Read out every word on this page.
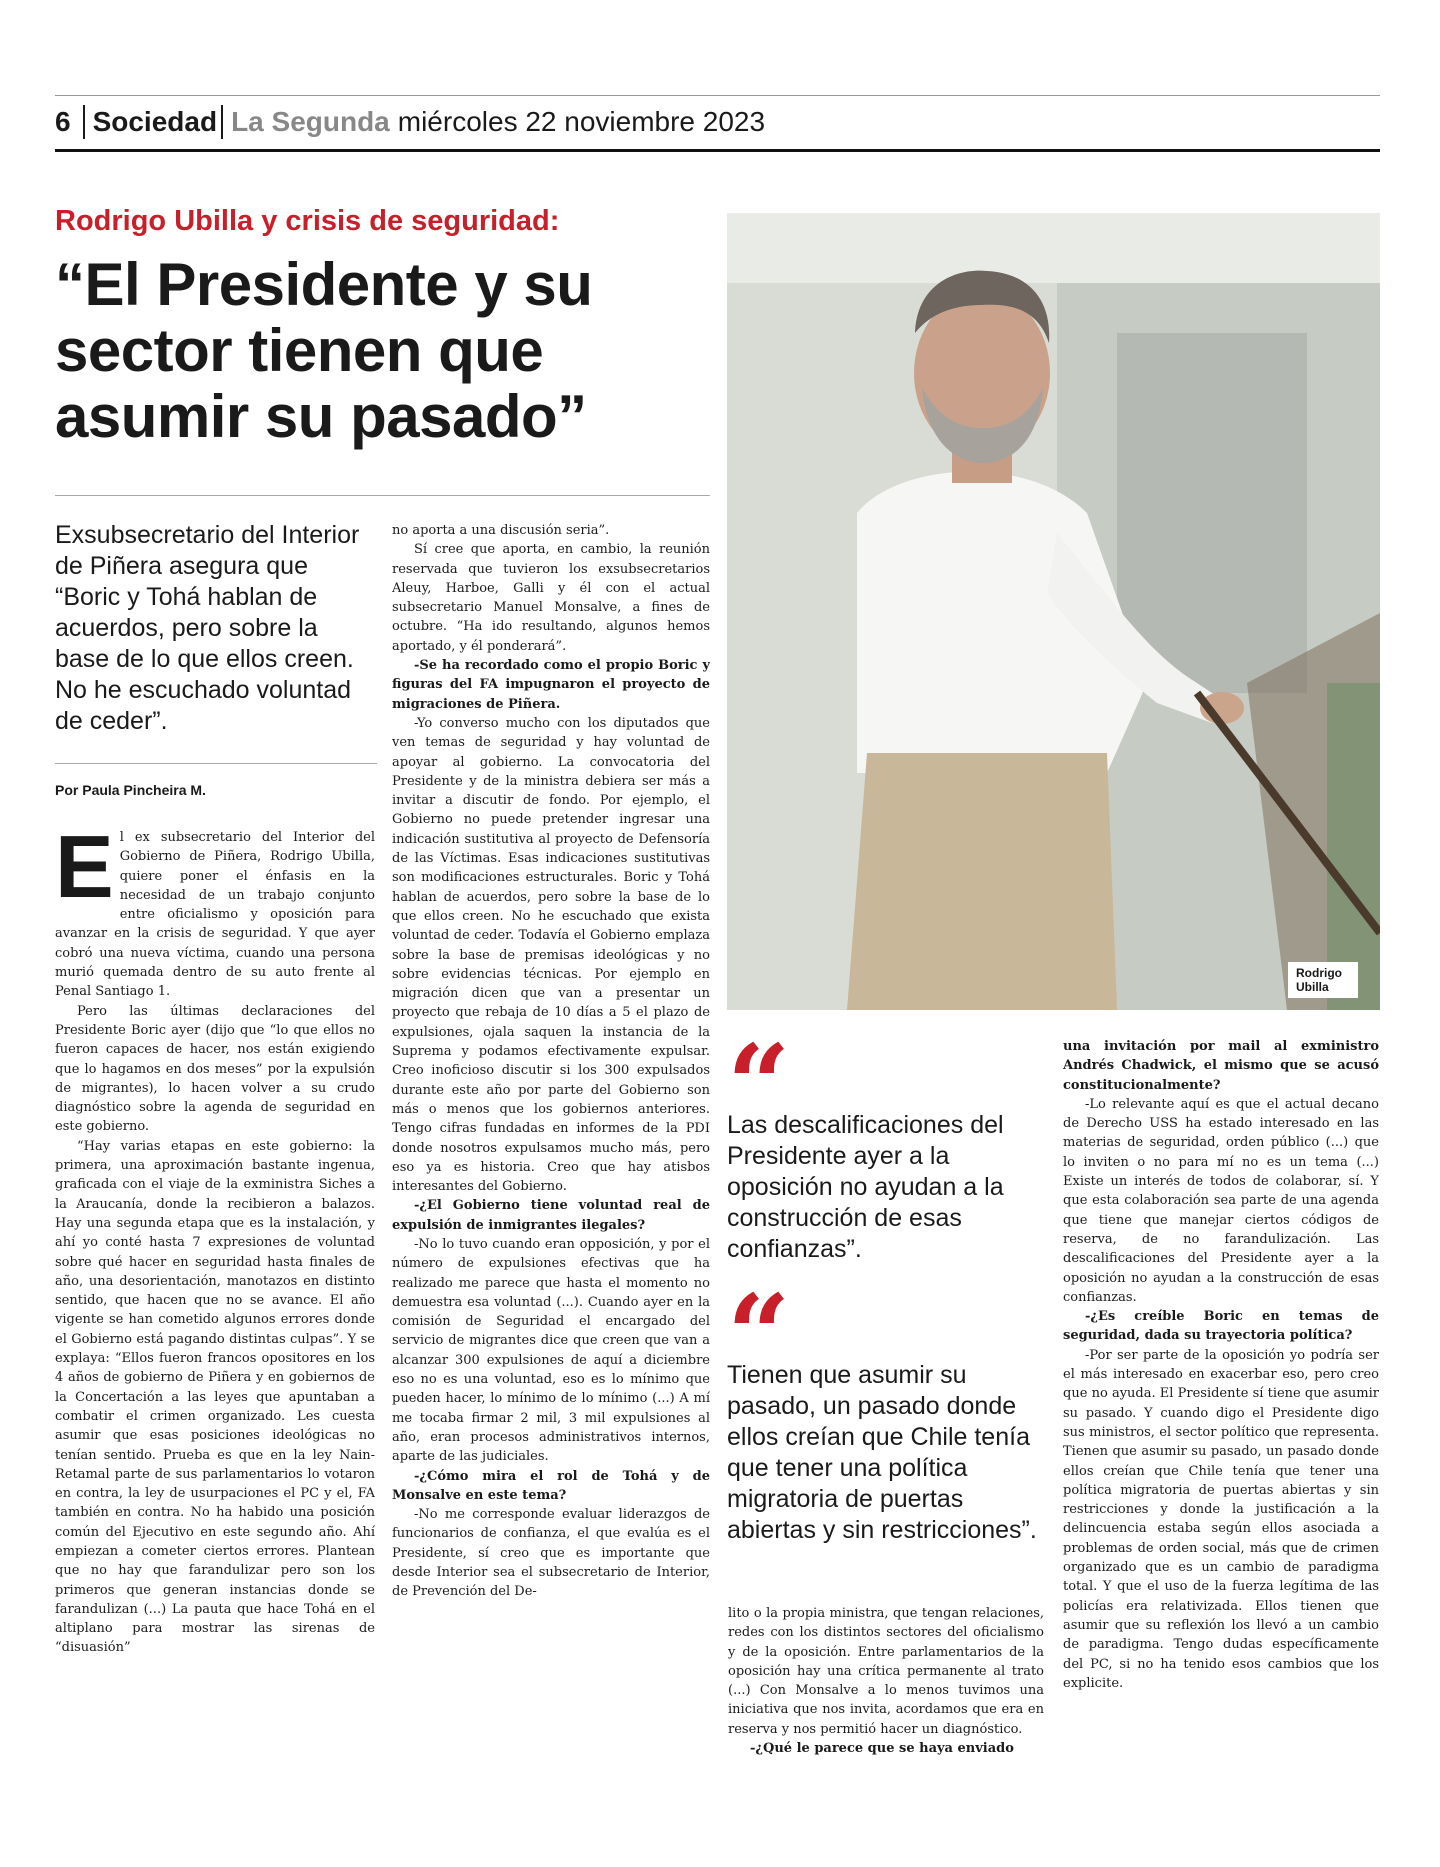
6 Sociedad La Segunda miércoles 22 noviembre 2023
Rodrigo Ubilla y crisis de seguridad:
“El Presidente y su sector tienen que asumir su pasado”
Exsubsecretario del Interior de Piñera asegura que “Boric y Tohá hablan de acuerdos, pero sobre la base de lo que ellos creen. No he escuchado voluntad de ceder”.
Por Paula Pincheira M.
E l ex subsecretario del Interior del Gobierno de Piñera, Rodrigo Ubilla, quiere poner el énfasis en la necesidad de un trabajo conjunto entre oficialismo y oposición para avanzar en la crisis de seguridad. Y que ayer cobró una nueva víctima, cuando una persona murió quemada dentro de su auto frente al Penal Santiago 1.

Pero las últimas declaraciones del Presidente Boric ayer (dijo que “lo que ellos no fueron capaces de hacer, nos están exigiendo que lo hagamos en dos meses” por la expulsión de migrantes), lo hacen volver a su crudo diagnóstico sobre la agenda de seguridad en este gobierno.

“Hay varias etapas en este gobierno: la primera, una aproximación bastante ingenua, graficada con el viaje de la exministra Siches a la Araucanía, donde la recibieron a balazos. Hay una segunda etapa que es la instalación, y ahí yo conté hasta 7 expresiones de voluntad sobre qué hacer en seguridad hasta finales de año, una desorientación, manotazos en distinto sentido, que hacen que no se avance. El año vigente se han cometido algunos errores donde el Gobierno está pagando distintas culpas”. Y se explaya: “Ellos fueron francos opositores en los 4 años de gobierno de Piñera y en gobiernos de la Concertación a las leyes que apuntaban a combatir el crimen organizado. Les cuesta asumir que esas posiciones ideológicas no tenían sentido. Prueba es que en la ley Nain-Retamal parte de sus parlamentarios lo votaron en contra, la ley de usurpaciones el PC y el, FA también en contra. No ha habido una posición común del Ejecutivo en este segundo año. Ahí empiezan a cometer ciertos errores. Plantean que no hay que farandulizar pero son los primeros que generan instancias donde se farandulizan (...) La pauta que hace Tohá en el altiplano para mostrar las sirenas de “disuasión”

no aporta a una discusión seria”.

Sí cree que aporta, en cambio, la reunión reservada que tuvieron los exsubsecretarios Aleuy, Harboe, Galli y él con el actual subsecretario Manuel Monsalve, a fines de octubre. “Ha ido resultando, algunos hemos aportado, y él ponderará”.

-Se ha recordado como el propio Boric y figuras del FA impugnaron el proyecto de migraciones de Piñera.

-Yo converso mucho con los diputados que ven temas de seguridad y hay voluntad de apoyar al gobierno. La convocatoria del Presidente y de la ministra debiera ser más a invitar a discutir de fondo. Por ejemplo, el Gobierno no puede pretender ingresar una indicación sustitutiva al proyecto de Defensoría de las Víctimas. Esas indicaciones sustitutivas son modificaciones estructurales. Boric y Tohá hablan de acuerdos, pero sobre la base de lo que ellos creen. No he escuchado que exista voluntad de ceder. Todavía el Gobierno emplaza sobre la base de premisas ideológicas y no sobre evidencias técnicas. Por ejemplo en migración dicen que van a presentar un proyecto que rebaja de 10 días a 5 el plazo de expulsiones, ojala saquen la instancia de la Suprema y podamos efectivamente expulsar. Creo inoficioso discutir si los 300 expulsados durante este año por parte del Gobierno son más o menos que los gobiernos anteriores. Tengo cifras fundadas en informes de la PDI donde nosotros expulsamos mucho más, pero eso ya es historia. Creo que hay atisbos interesantes del Gobierno.

-¿El Gobierno tiene voluntad real de expulsión de inmigrantes ilegales?

-No lo tuvo cuando eran opposición, y por el número de expulsiones efectivas que ha realizado me parece que hasta el momento no demuestra esa voluntad (...). Cuando ayer en la comisión de Seguridad el encargado del servicio de migrantes dice que creen que van a alcanzar 300 expulsiones de aquí a diciembre eso no es una voluntad, eso es lo mínimo que pueden hacer, lo mínimo de lo mínimo (...) A mí me tocaba firmar 2 mil, 3 mil expulsiones al año, eran procesos administrativos internos, aparte de las judiciales.

-¿Cómo mira el rol de Tohá y de Monsalve en este tema?

-No me corresponde evaluar liderazgos de funcionarios de confianza, el que evalúa es el Presidente, sí creo que es importante que desde Interior sea el subsecretario de Interior, de Prevención del De-

Rodrigo Ubilla
“
Las descalificaciones del Presidente ayer a la oposición no ayudan a la construcción de esas confianzas”.
“
Tienen que asumir su pasado, un pasado donde ellos creían que Chile tenía que tener una política migratoria de puertas abiertas y sin restricciones”.

lito o la propia ministra, que tengan relaciones, redes con los distintos sectores del oficialismo y de la oposición. Entre parlamentarios de la oposición hay una crítica permanente al trato (...) Con Monsalve a lo menos tuvimos una iniciativa que nos invita, acordamos que era en reserva y nos permitió hacer un diagnóstico.

-¿Qué le parece que se haya enviado

una invitación por mail al exministro Andrés Chadwick, el mismo que se acusó constitucionalmente?

-Lo relevante aquí es que el actual decano de Derecho USS ha estado interesado en las materias de seguridad, orden público (...) que lo inviten o no para mí no es un tema (...) Existe un interés de todos de colaborar, sí. Y que esta colaboración sea parte de una agenda que tiene que manejar ciertos códigos de reserva, de no farandulización. Las descalificaciones del Presidente ayer a la oposición no ayudan a la construcción de esas confianzas.

-¿Es creíble Boric en temas de seguridad, dada su trayectoria política?

-Por ser parte de la oposición yo podría ser el más interesado en exacerbar eso, pero creo que no ayuda. El Presidente sí tiene que asumir su pasado. Y cuando digo el Presidente digo sus ministros, el sector político que representa. Tienen que asumir su pasado, un pasado donde ellos creían que Chile tenía que tener una política migratoria de puertas abiertas y sin restricciones y donde la justificación a la delincuencia estaba según ellos asociada a problemas de orden social, más que de crimen organizado que es un cambio de paradigma total. Y que el uso de la fuerza legítima de las policías era relativizada. Ellos tienen que asumir que su reflexión los llevó a un cambio de paradigma. Tengo dudas específicamente del PC, si no ha tenido esos cambios que los explicite.
